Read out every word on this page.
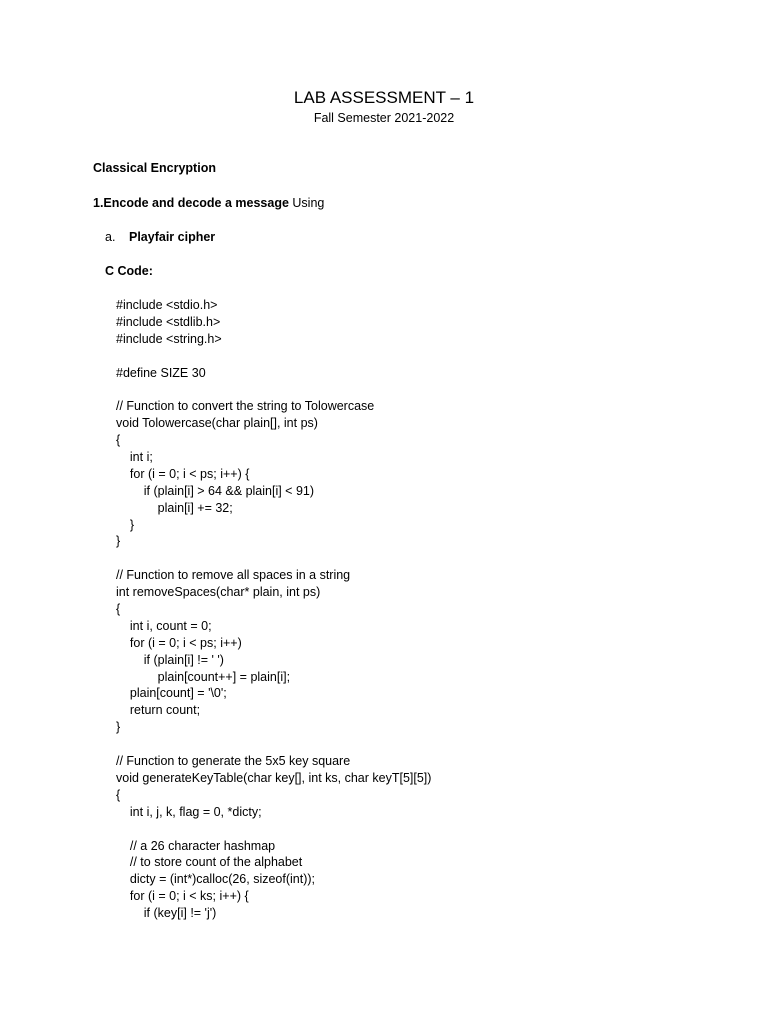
LAB ASSESSMENT – 1
Fall Semester 2021-2022
Classical Encryption
1.Encode and decode a message Using
a. Playfair cipher
C Code:
#include <stdio.h>
#include <stdlib.h>
#include <string.h>

#define SIZE 30

// Function to convert the string to Tolowercase
void Tolowercase(char plain[], int ps)
{
int i;
for (i = 0; i < ps; i++) {
if (plain[i] > 64 && plain[i] < 91)
plain[i] += 32;
}
}

// Function to remove all spaces in a string
int removeSpaces(char* plain, int ps)
{
int i, count = 0;
for (i = 0; i < ps; i++)
if (plain[i] != ' ')
plain[count++] = plain[i];
plain[count] = '\0';
return count;
}

// Function to generate the 5x5 key square
void generateKeyTable(char key[], int ks, char keyT[5][5])
{
int i, j, k, flag = 0, *dicty;

// a 26 character hashmap
// to store count of the alphabet
dicty = (int*)calloc(26, sizeof(int));
for (i = 0; i < ks; i++) {
if (key[i] != 'j')
